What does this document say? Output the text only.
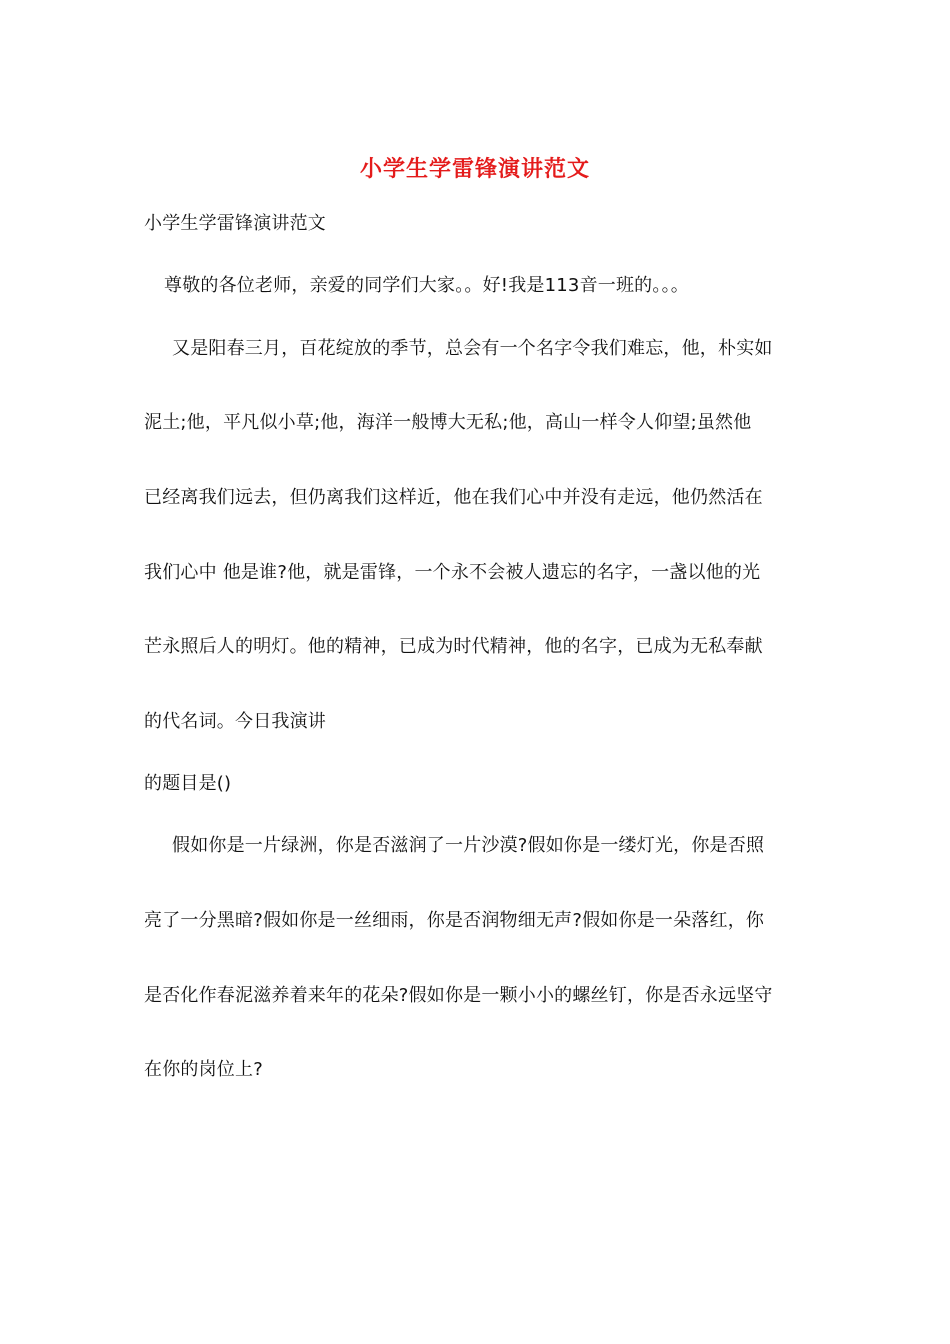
小学生学雷锋演讲范文
小学生学雷锋演讲范文
尊敬的各位老师，亲爱的同学们大家。。好!我是113音一班的。。。
又是阳春三月，百花绽放的季节，总会有一个名字令我们难忘，他，朴实如
泥土;他，平凡似小草;他，海洋一般博大无私;他，高山一样令人仰望;虽然他
已经离我们远去，但仍离我们这样近，他在我们心中并没有走远，他仍然活在
我们心中 他是谁?他，就是雷锋，一个永不会被人遗忘的名字，一盏以他的光
芒永照后人的明灯。他的精神，已成为时代精神，他的名字，已成为无私奉献
的代名词。今日我演讲
的题目是()
假如你是一片绿洲，你是否滋润了一片沙漠?假如你是一缕灯光，你是否照
亮了一分黑暗?假如你是一丝细雨，你是否润物细无声?假如你是一朵落红，你
是否化作春泥滋养着来年的花朵?假如你是一颗小小的螺丝钉，你是否永远坚守
在你的岗位上?
